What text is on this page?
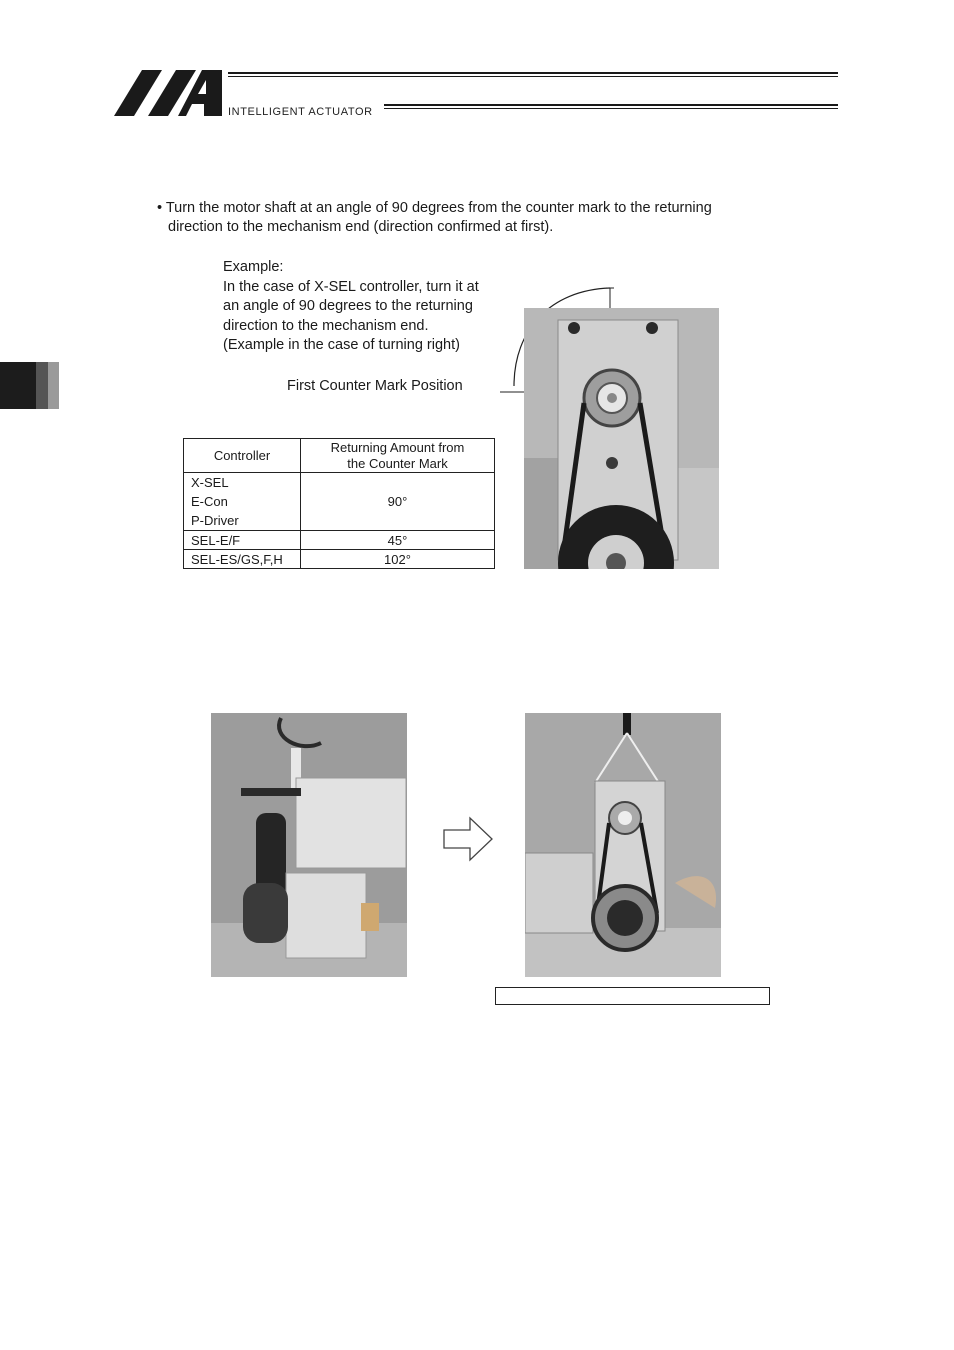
INTELLIGENT ACTUATOR
• Turn the motor shaft at an angle of 90 degrees from the counter mark to the returning
direction to the mechanism end (direction confirmed at first).
Example:
In the case of X-SEL controller, turn it at
an angle of 90 degrees to the returning
direction to the mechanism end.
(Example in the case of turning right)
First Counter Mark Position
Controller	Returning Amount from
the Counter Mark

X-SEL
E-Con
P-Driver	90°
SEL-E/F	45°
SEL-ES/GS,F,H	102°
